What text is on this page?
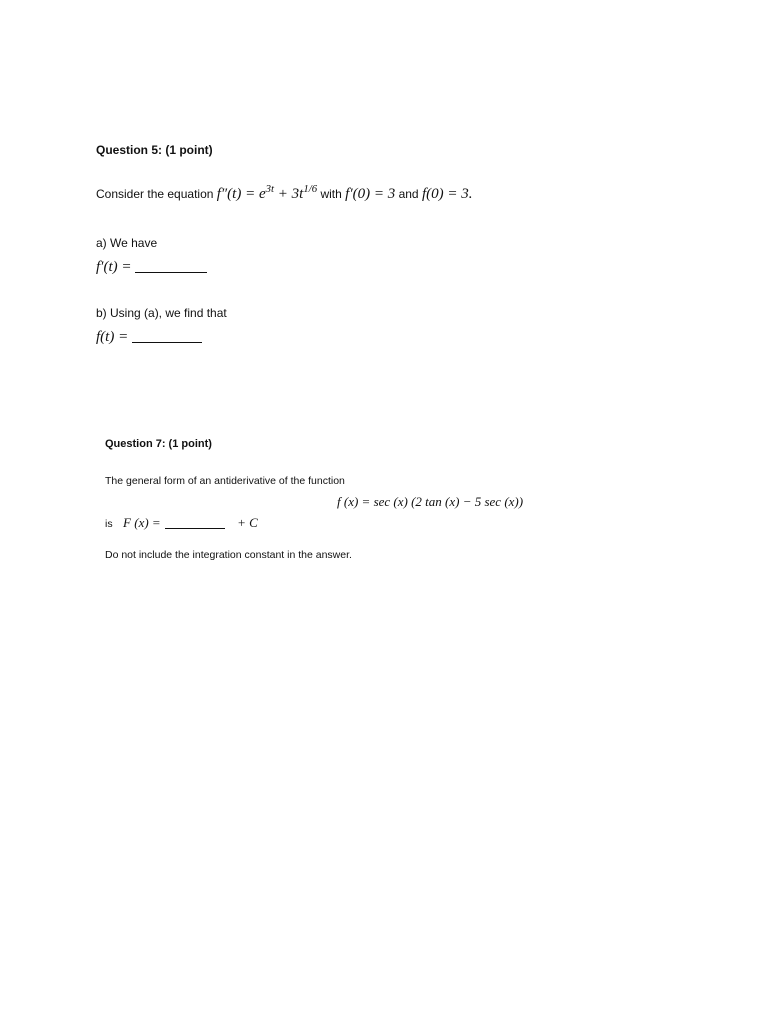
Question 5: (1 point)
Consider the equation $f''(t) = e^{3t} + 3t^{1/6}$ with f′(0) = 3 and f(0) = 3.
a) We have
f′(t) =
b) Using (a), we find that
f(t) =
Question 7: (1 point)
The general form of an antiderivative of the function
f (x) = sec (x) (2 tan (x) − 5 sec (x))
is F (x) =	+ C
Do not include the integration constant in the answer.
